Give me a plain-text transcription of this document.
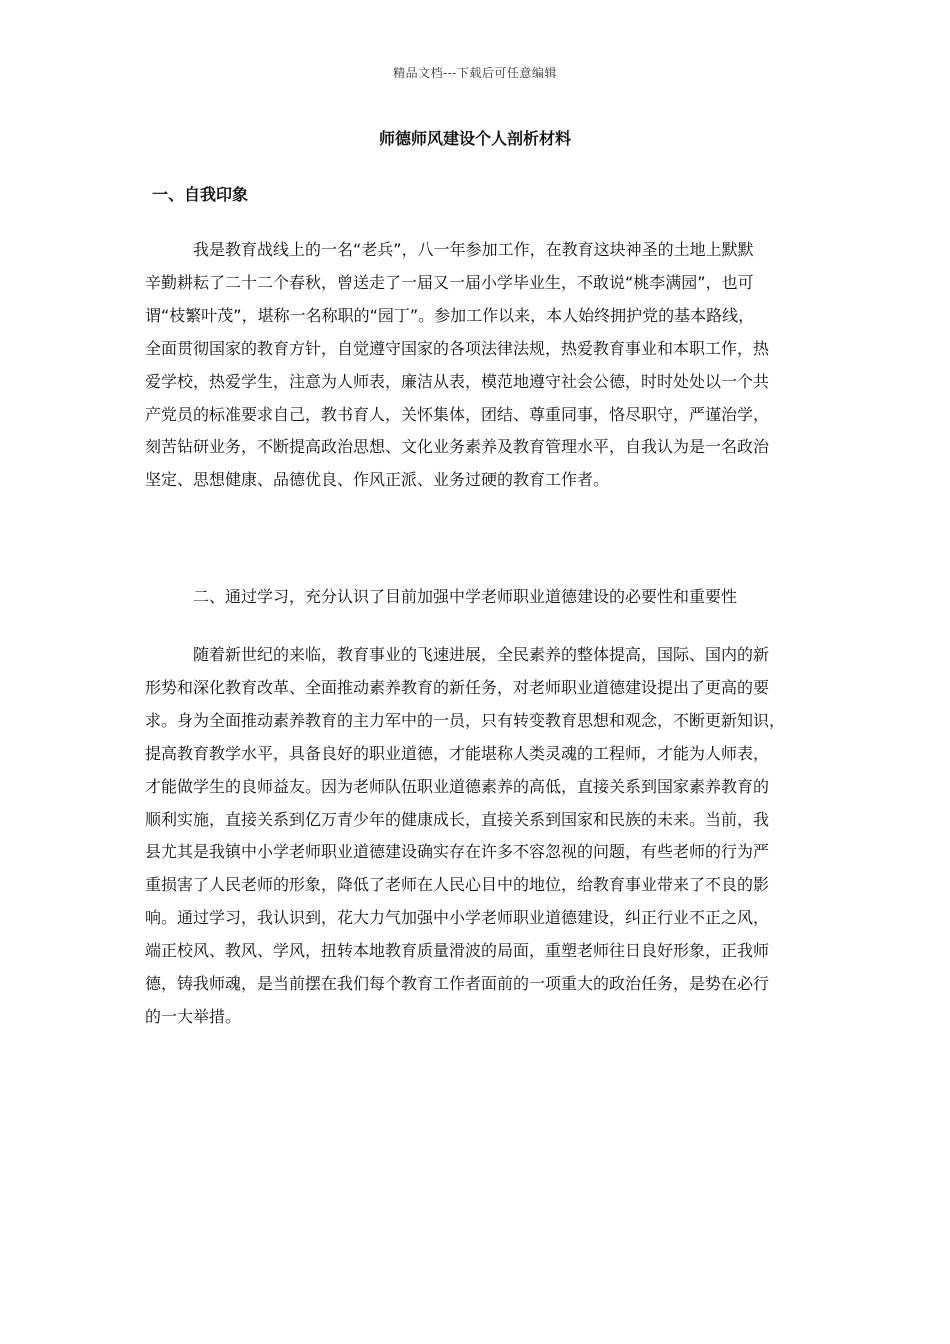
精品文档---下载后可任意编辑
师德师风建设个人剖析材料
一、自我印象
我是教育战线上的一名“老兵”，八一年参加工作，在教育这块神圣的土地上默默
辛勤耕耘了二十二个春秋，曾送走了一届又一届小学毕业生，不敢说“桃李满园”，也可
谓“枝繁叶茂”，堪称一名称职的“园丁”。参加工作以来，本人始终拥护党的基本路线，
全面贯彻国家的教育方针，自觉遵守国家的各项法律法规，热爱教育事业和本职工作，热
爱学校，热爱学生，注意为人师表，廉洁从表，模范地遵守社会公德，时时处处以一个共
产党员的标准要求自己，教书育人，关怀集体，团结、尊重同事，恪尽职守，严谨治学，
刻苦钻研业务，不断提高政治思想、文化业务素养及教育管理水平，自我认为是一名政治
坚定、思想健康、品德优良、作风正派、业务过硬的教育工作者。
二、通过学习，充分认识了目前加强中学老师职业道德建设的必要性和重要性
随着新世纪的来临，教育事业的飞速进展，全民素养的整体提高，国际、国内的新
形势和深化教育改革、全面推动素养教育的新任务，对老师职业道德建设提出了更高的要
求。身为全面推动素养教育的主力军中的一员，只有转变教育思想和观念，不断更新知识，
提高教育教学水平，具备良好的职业道德，才能堪称人类灵魂的工程师，才能为人师表，
才能做学生的良师益友。因为老师队伍职业道德素养的高低，直接关系到国家素养教育的
顺利实施，直接关系到亿万青少年的健康成长，直接关系到国家和民族的未来。当前，我
县尤其是我镇中小学老师职业道德建设确实存在许多不容忽视的问题，有些老师的行为严
重损害了人民老师的形象，降低了老师在人民心目中的地位，给教育事业带来了不良的影
响。通过学习，我认识到，花大力气加强中小学老师职业道德建设，纠正行业不正之风，
端正校风、教风、学风，扭转本地教育质量滑波的局面，重塑老师往日良好形象，正我师
德，铸我师魂，是当前摆在我们每个教育工作者面前的一项重大的政治任务，是势在必行
的一大举措。
